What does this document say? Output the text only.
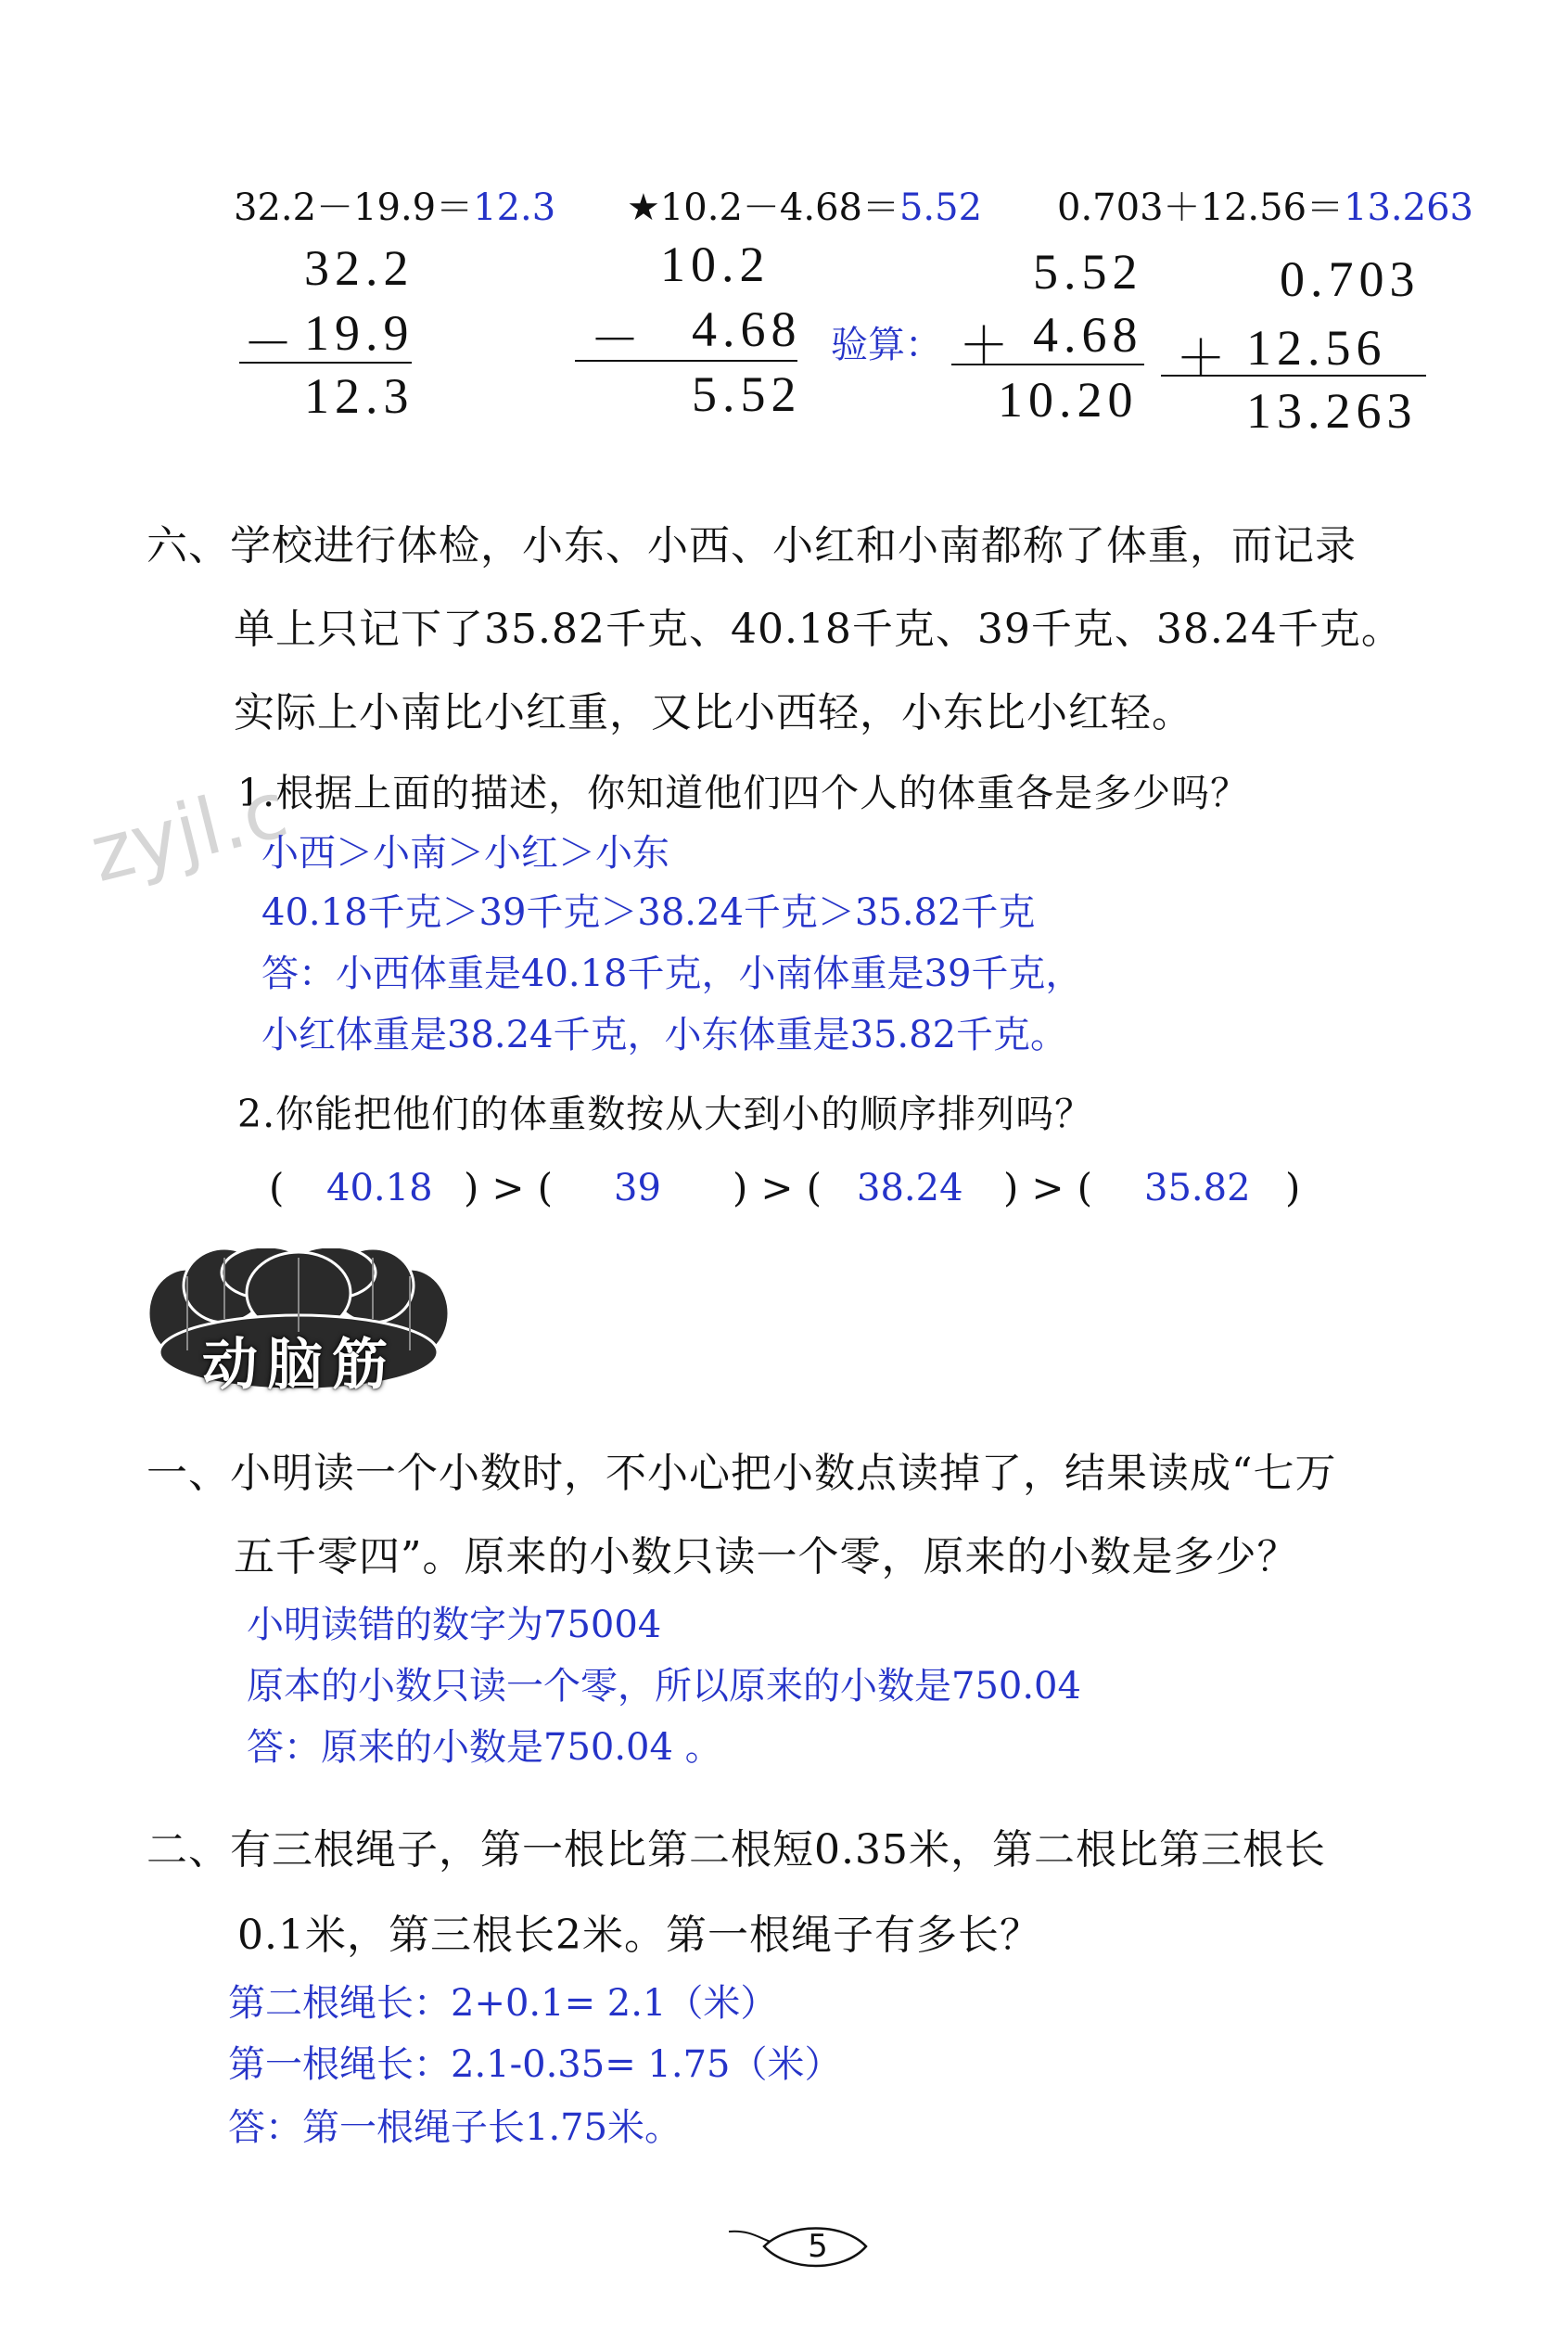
32.2－19.9＝12.3 ★10.2－4.68＝5.52 0.703＋12.56＝13.263
32.2
－ 19.9
12.3
10.2
－ 4.68
5.52
验算：
5.52
＋ 4.68
10.20
0.703
＋ 12.56
13.263
六、学校进行体检，小东、小西、小红和小南都称了体重，而记录
单上只记下了35.82千克、40.18千克、39千克、38.24千克。
实际上小南比小红重，又比小西轻，小东比小红轻。
1.根据上面的描述，你知道他们四个人的体重各是多少吗？
zyjl.c
小西＞小南＞小红＞小东
40.18千克＞39千克＞38.24千克＞35.82千克
答：小西体重是40.18千克，小南体重是39千克，
小红体重是38.24千克，小东体重是35.82千克。
2.你能把他们的体重数按从大到小的顺序排列吗？
( 40.18 )>( 39 )>( 38.24 )>( 35.82 )
动脑筋
一、小明读一个小数时，不小心把小数点读掉了，结果读成“七万
五千零四”。原来的小数只读一个零，原来的小数是多少？
小明读错的数字为75004
原本的小数只读一个零，所以原来的小数是750.04
答：原来的小数是750.04 。
二、有三根绳子，第一根比第二根短0.35米，第二根比第三根长
0.1米，第三根长2米。第一根绳子有多长？
第二根绳长：2+0.1= 2.1（米）
第一根绳长：2.1-0.35= 1.75（米）
答：第一根绳子长1.75米。
5
